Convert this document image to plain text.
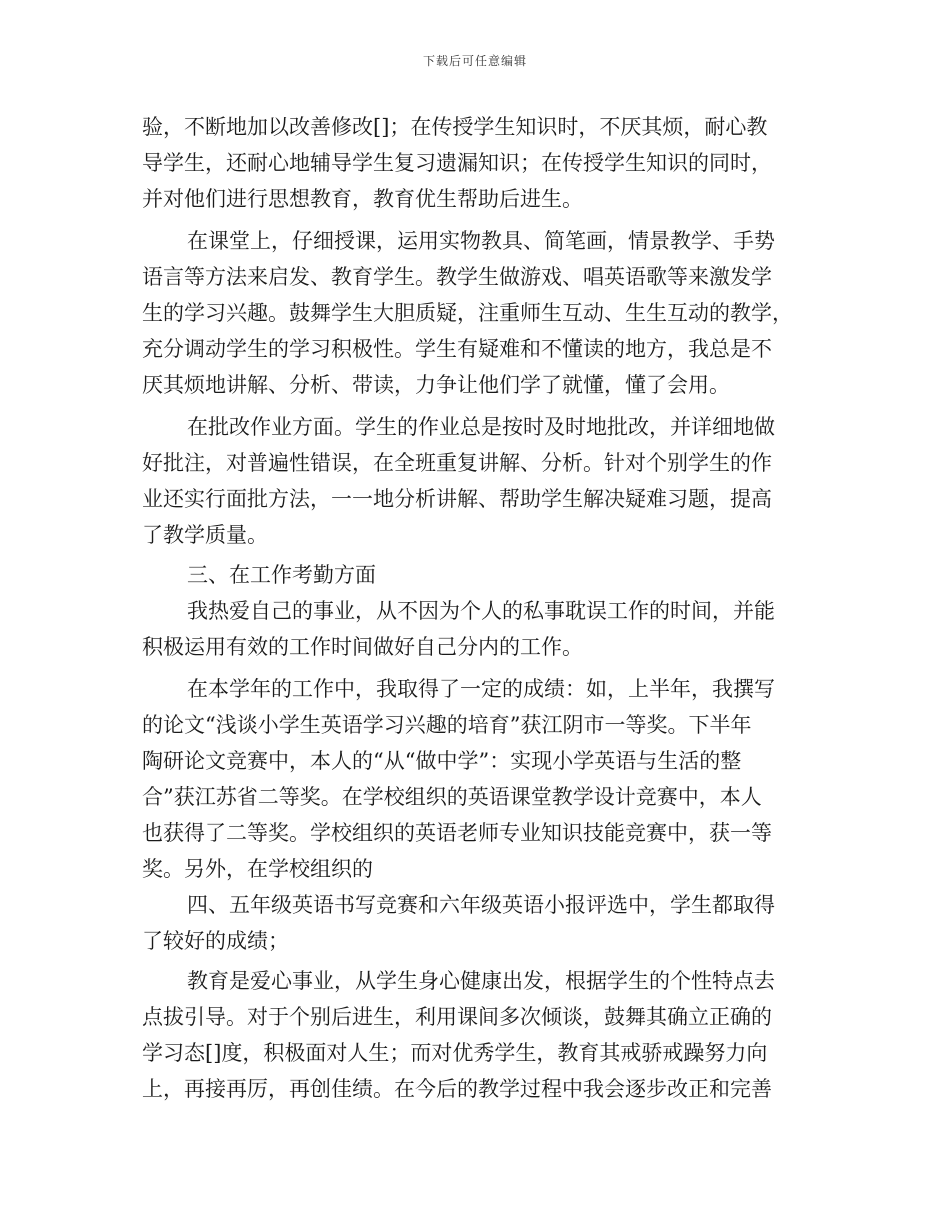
下载后可任意编辑
验，不断地加以改善修改[]；在传授学生知识时，不厌其烦，耐心教
导学生，还耐心地辅导学生复习遗漏知识；在传授学生知识的同时，
并对他们进行思想教育，教育优生帮助后进生。
在课堂上，仔细授课，运用实物教具、简笔画，情景教学、手势
语言等方法来启发、教育学生。教学生做游戏、唱英语歌等来激发学
生的学习兴趣。鼓舞学生大胆质疑，注重师生互动、生生互动的教学，
充分调动学生的学习积极性。学生有疑难和不懂读的地方，我总是不
厌其烦地讲解、分析、带读，力争让他们学了就懂，懂了会用。
在批改作业方面。学生的作业总是按时及时地批改，并详细地做
好批注，对普遍性错误，在全班重复讲解、分析。针对个别学生的作
业还实行面批方法，一一地分析讲解、帮助学生解决疑难习题，提高
了教学质量。
三、在工作考勤方面
我热爱自己的事业，从不因为个人的私事耽误工作的时间，并能
积极运用有效的工作时间做好自己分内的工作。
在本学年的工作中，我取得了一定的成绩：如，上半年，我撰写
的论文“浅谈小学生英语学习兴趣的培育”获江阴市一等奖。下半年
陶研论文竞赛中，本人的“从“做中学”：实现小学英语与生活的整
合”获江苏省二等奖。在学校组织的英语课堂教学设计竞赛中，本人
也获得了二等奖。学校组织的英语老师专业知识技能竞赛中，获一等
奖。另外，在学校组织的
四、五年级英语书写竞赛和六年级英语小报评选中，学生都取得
了较好的成绩；
教育是爱心事业，从学生身心健康出发，根据学生的个性特点去
点拔引导。对于个别后进生，利用课间多次倾谈，鼓舞其确立正确的
学习态[]度，积极面对人生；而对优秀学生，教育其戒骄戒躁努力向
上，再接再厉，再创佳绩。在今后的教学过程中我会逐步改正和完善
